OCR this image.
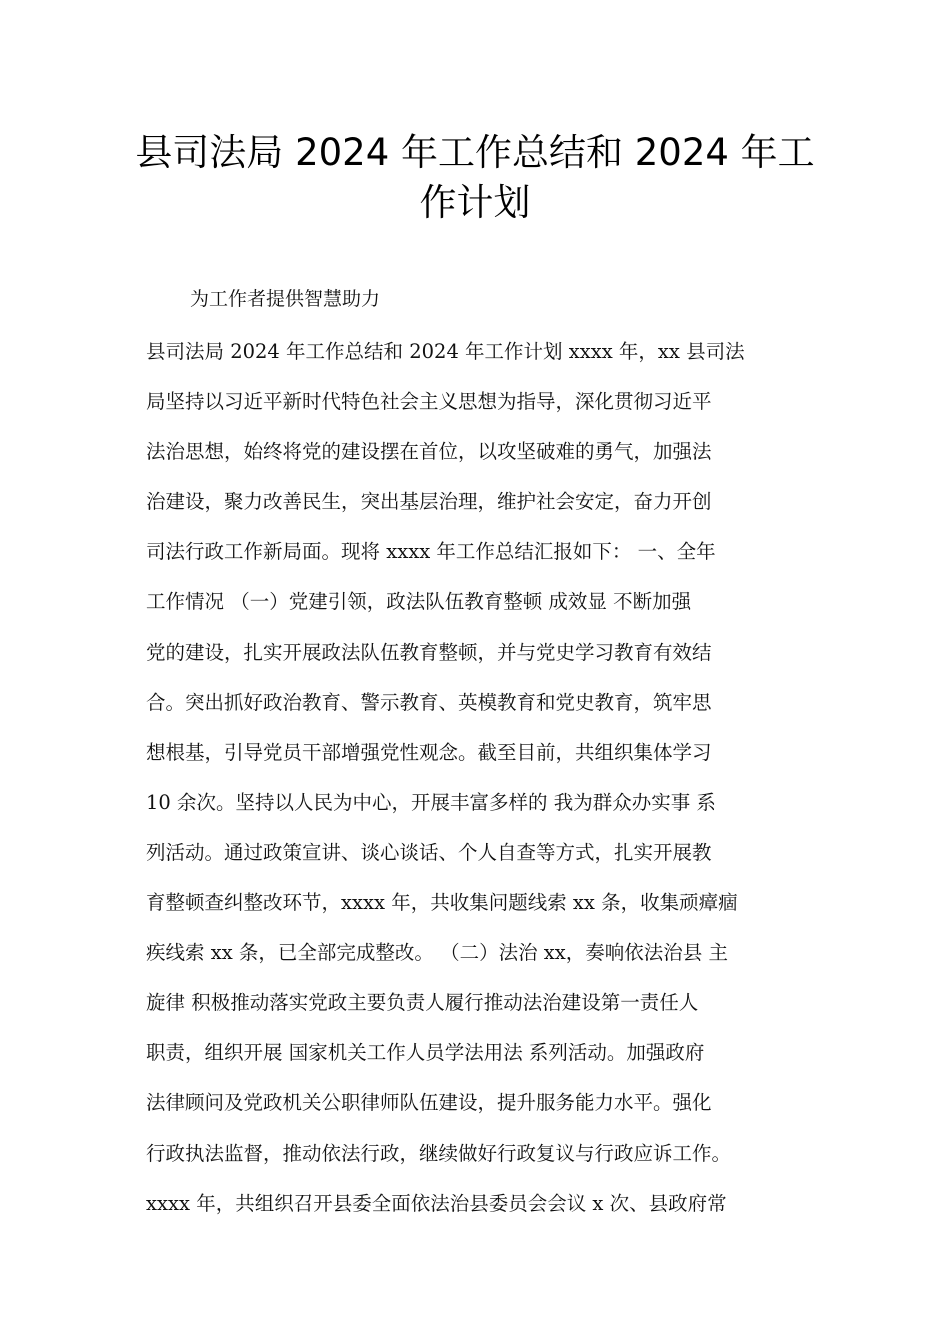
县司法局 2024 年工作总结和 2024 年工
作计划

为工作者提供智慧助力

县司法局 2024 年工作总结和 2024 年工作计划 xxxx 年，xx 县司法

局坚持以习近平新时代特色社会主义思想为指导，深化贯彻习近平

法治思想，始终将党的建设摆在首位，以攻坚破难的勇气，加强法

治建设，聚力改善民生，突出基层治理，维护社会安定，奋力开创

司法行政工作新局面。现将 xxxx 年工作总结汇报如下： 一、全年

工作情况 （一）党建引领，政法队伍教育整顿 成效显 不断加强

党的建设，扎实开展政法队伍教育整顿，并与党史学习教育有效结

合。突出抓好政治教育、警示教育、英模教育和党史教育，筑牢思

想根基，引导党员干部增强党性观念。截至目前，共组织集体学习

10 余次。坚持以人民为中心，开展丰富多样的 我为群众办实事 系

列活动。通过政策宣讲、谈心谈话、个人自查等方式，扎实开展教

育整顿查纠整改环节，xxxx 年，共收集问题线索 xx 条，收集顽瘴痼

疾线索 xx 条，已全部完成整改。 （二）法治 xx，奏响依法治县 主

旋律 积极推动落实党政主要负责人履行推动法治建设第一责任人

职责，组织开展 国家机关工作人员学法用法 系列活动。加强政府

法律顾问及党政机关公职律师队伍建设，提升服务能力水平。强化

行政执法监督，推动依法行政，继续做好行政复议与行政应诉工作。

xxxx 年，共组织召开县委全面依法治县委员会会议 x 次、县政府常
